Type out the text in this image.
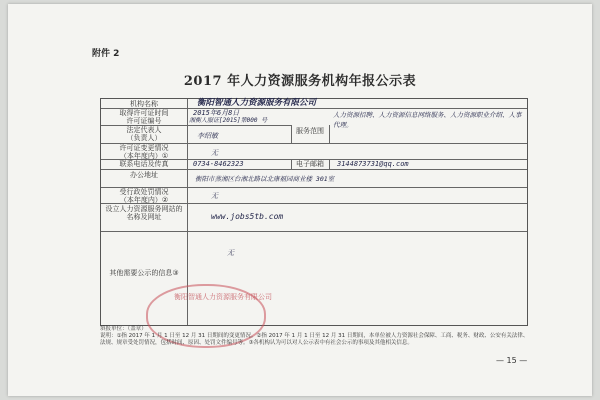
附件 2
2017 年人力资源服务机构年报公示表
机构名称
取得许可证时间
许可证编号
服务范围
法定代表人
（负责人）
许可证变更情况
（本年度内）①
联系电话及传真	电子邮箱
办公地址
受行政处罚情况
（本年度内）②
设立人力资源服务网站的名称及网址
其他需要公示的信息③
衡阳智通人力资源服务有限公司
2015年6月8日
湘衡人服证[2015]第000 号
人力资源招聘、人力资源信息网络服务、人力资源职业介绍、人事代理。
李绍敏
无
0734-8462323	3144873731@qq.com
衡阳市蒸湘区台湘北路以北康福园商业楼 301室
无
www.jobs5tb.com
无
衡阳智通人力资源服务有限公司
填报单位：（盖章）
说明：①指 2017 年 1 月 1 日至 12 月 31 日期间的变更情况。②指 2017 年 1 月 1 日至 12 月 31 日期间，本单位被人力资源社会保障、工商、税务、财政、公安有关法律、法规、规章受处罚情况，包括时间、原因、处罚文件编号等。③各机构认为可以对人公示表中有社会公示的事项及其他相关信息。
— 15 —
